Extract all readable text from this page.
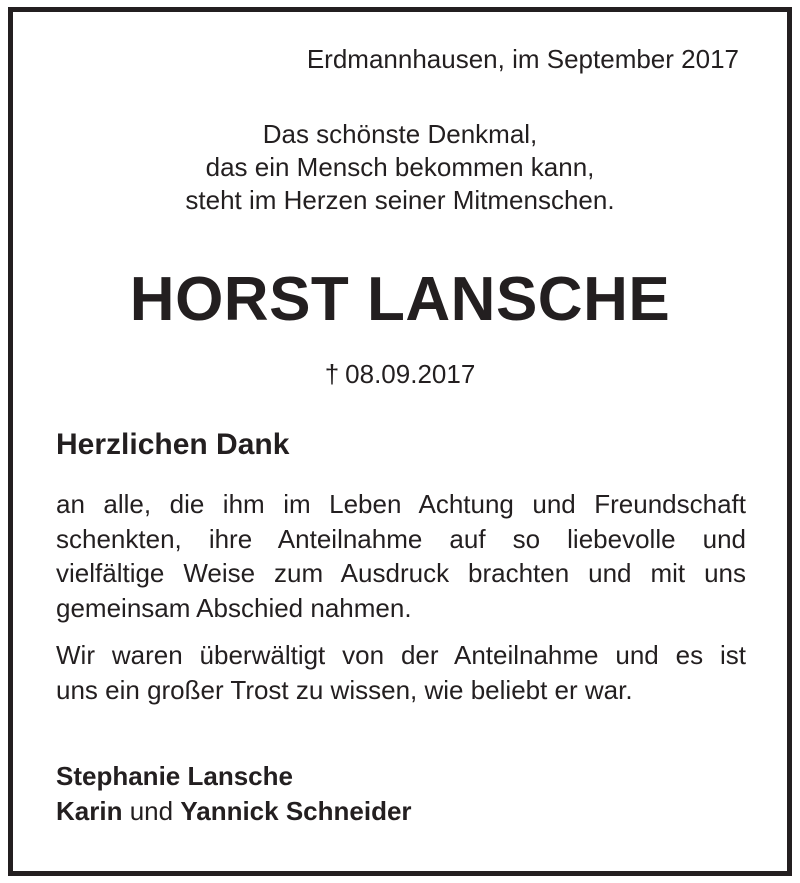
Erdmannhausen, im September 2017
Das schönste Denkmal,
das ein Mensch bekommen kann,
steht im Herzen seiner Mitmenschen.
HORST LANSCHE
† 08.09.2017
Herzlichen Dank
an alle, die ihm im Leben Achtung und Freundschaft
schenkten, ihre Anteilnahme auf so liebevolle und
vielfältige Weise zum Ausdruck brachten und mit uns
gemeinsam Abschied nahmen.
Wir waren überwältigt von der Anteilnahme und es ist
uns ein großer Trost zu wissen, wie beliebt er war.
Stephanie Lansche
Karin und Yannick Schneider
